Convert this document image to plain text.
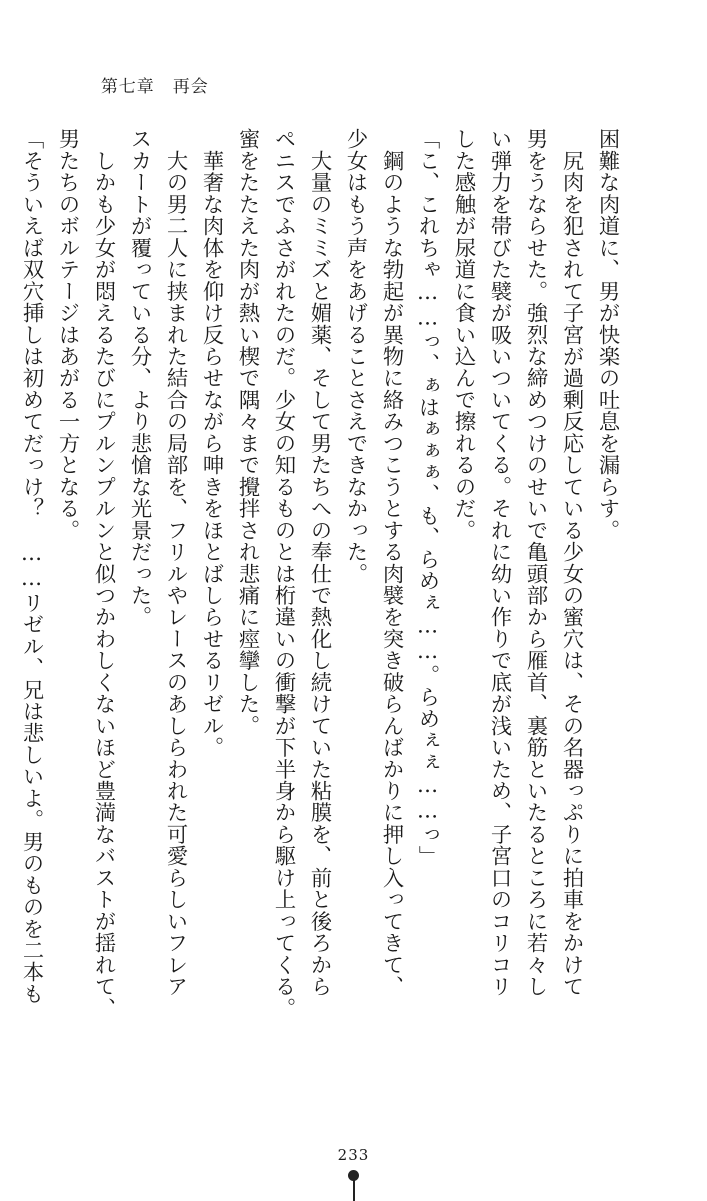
第七章　再会

困難な肉道に、男が快楽の吐息を漏らす。

　尻肉を犯されて子宮が過剰反応している少女の蜜穴は、その名器っぷりに拍車をかけて

男をうならせた。強烈な締めつけのせいで亀頭部から雁首、裏筋といたるところに若々し

い弾力を帯びた襞が吸いついてくる。それに幼い作りで底が浅いため、子宮口のコリコリ

した感触が尿道に食い込んで擦れるのだ。

「こ、これちゃ……っ、ぁはぁぁぁ、も、らめぇ……。らめぇぇ……っ」

　鋼のような勃起が異物に絡みつこうとする肉襞を突き破らんばかりに押し入ってきて、

少女はもう声をあげることさえできなかった。

　大量のミミズと媚薬、そして男たちへの奉仕で熱化し続けていた粘膜を、前と後ろから

ペニスでふさがれたのだ。少女の知るものとは桁違いの衝撃が下半身から駆け上ってくる。

蜜をたたえた肉が熱い楔で隅々まで攪拌され悲痛に痙攣した。

　華奢な肉体を仰け反らせながら呻きをほとばしらせるリゼル。

　大の男二人に挟まれた結合の局部を、フリルやレースのあしらわれた可愛らしいフレア

スカートが覆っている分、より悲愴な光景だった。

　しかも少女が悶えるたびにプルンプルンと似つかわしくないほど豊満なバストが揺れて、

男たちのボルテージはあがる一方となる。

「そういえば双穴挿しは初めてだっけ？　……リゼル、兄は悲しいよ。男のものを二本も

233
